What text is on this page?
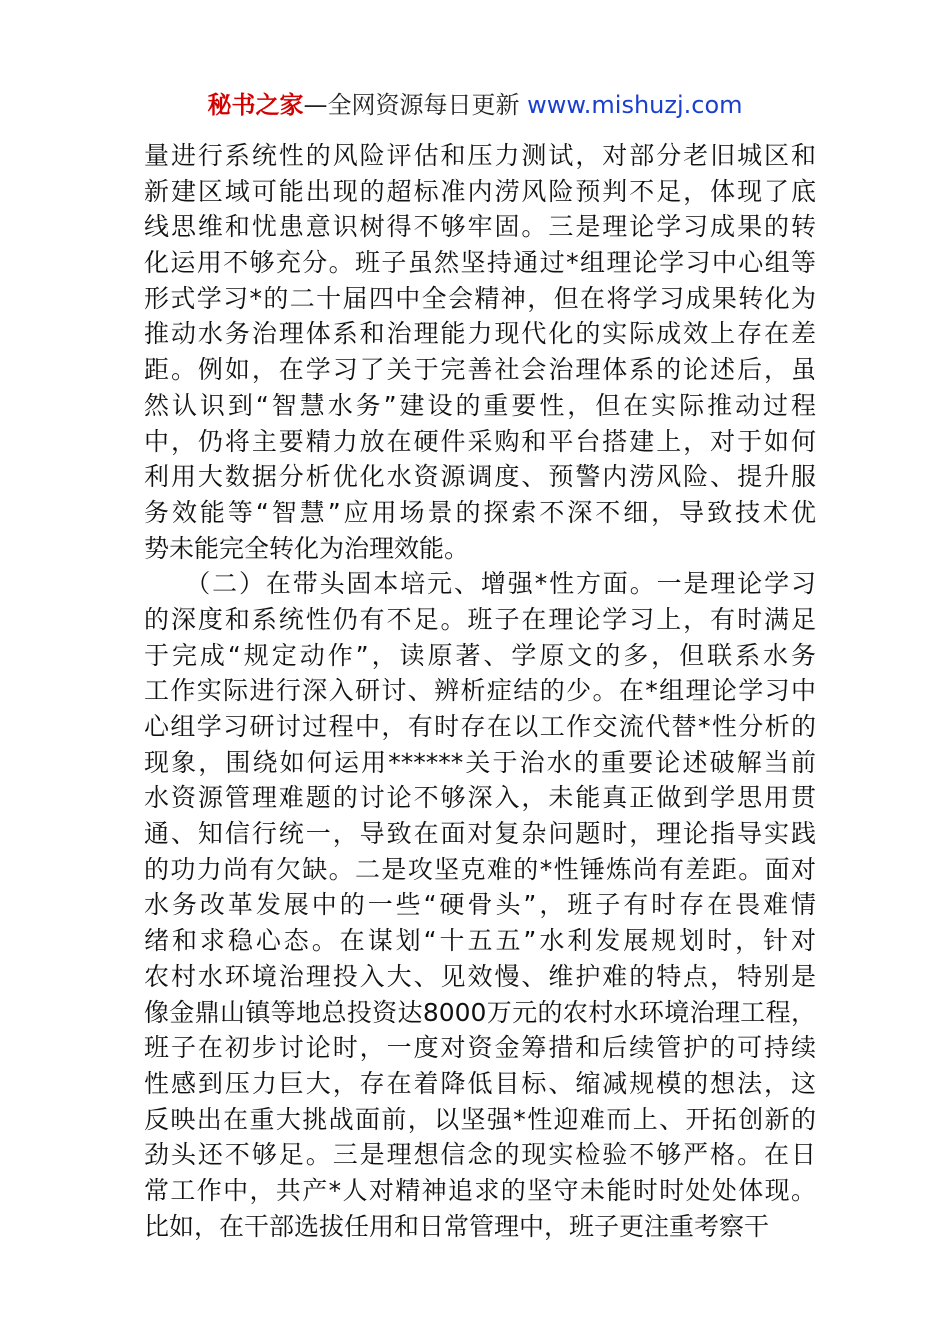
秘书之家—全网资源每日更新 www.mishuzj.com
量进行系统性的风险评估和压力测试，对部分老旧城区和
新建区域可能出现的超标准内涝风险预判不足，体现了底
线思维和忧患意识树得不够牢固。三是理论学习成果的转
化运用不够充分。班子虽然坚持通过*组理论学习中心组等
形式学习*的二十届四中全会精神，但在将学习成果转化为
推动水务治理体系和治理能力现代化的实际成效上存在差
距。例如，在学习了关于完善社会治理体系的论述后，虽
然认识到“智慧水务”建设的重要性，但在实际推动过程
中，仍将主要精力放在硬件采购和平台搭建上，对于如何
利用大数据分析优化水资源调度、预警内涝风险、提升服
务效能等“智慧”应用场景的探索不深不细，导致技术优
势未能完全转化为治理效能。
　　（二）在带头固本培元、增强*性方面。一是理论学习
的深度和系统性仍有不足。班子在理论学习上，有时满足
于完成“规定动作”，读原著、学原文的多，但联系水务
工作实际进行深入研讨、辨析症结的少。在*组理论学习中
心组学习研讨过程中，有时存在以工作交流代替*性分析的
现象，围绕如何运用******关于治水的重要论述破解当前
水资源管理难题的讨论不够深入，未能真正做到学思用贯
通、知信行统一，导致在面对复杂问题时，理论指导实践
的功力尚有欠缺。二是攻坚克难的*性锤炼尚有差距。面对
水务改革发展中的一些“硬骨头”，班子有时存在畏难情
绪和求稳心态。在谋划“十五五”水利发展规划时，针对
农村水环境治理投入大、见效慢、维护难的特点，特别是
像金鼎山镇等地总投资达8000万元的农村水环境治理工程，
班子在初步讨论时，一度对资金筹措和后续管护的可持续
性感到压力巨大，存在着降低目标、缩减规模的想法，这
反映出在重大挑战面前，以坚强*性迎难而上、开拓创新的
劲头还不够足。三是理想信念的现实检验不够严格。在日
常工作中，共产*人对精神追求的坚守未能时时处处体现。
比如，在干部选拔任用和日常管理中，班子更注重考察干
